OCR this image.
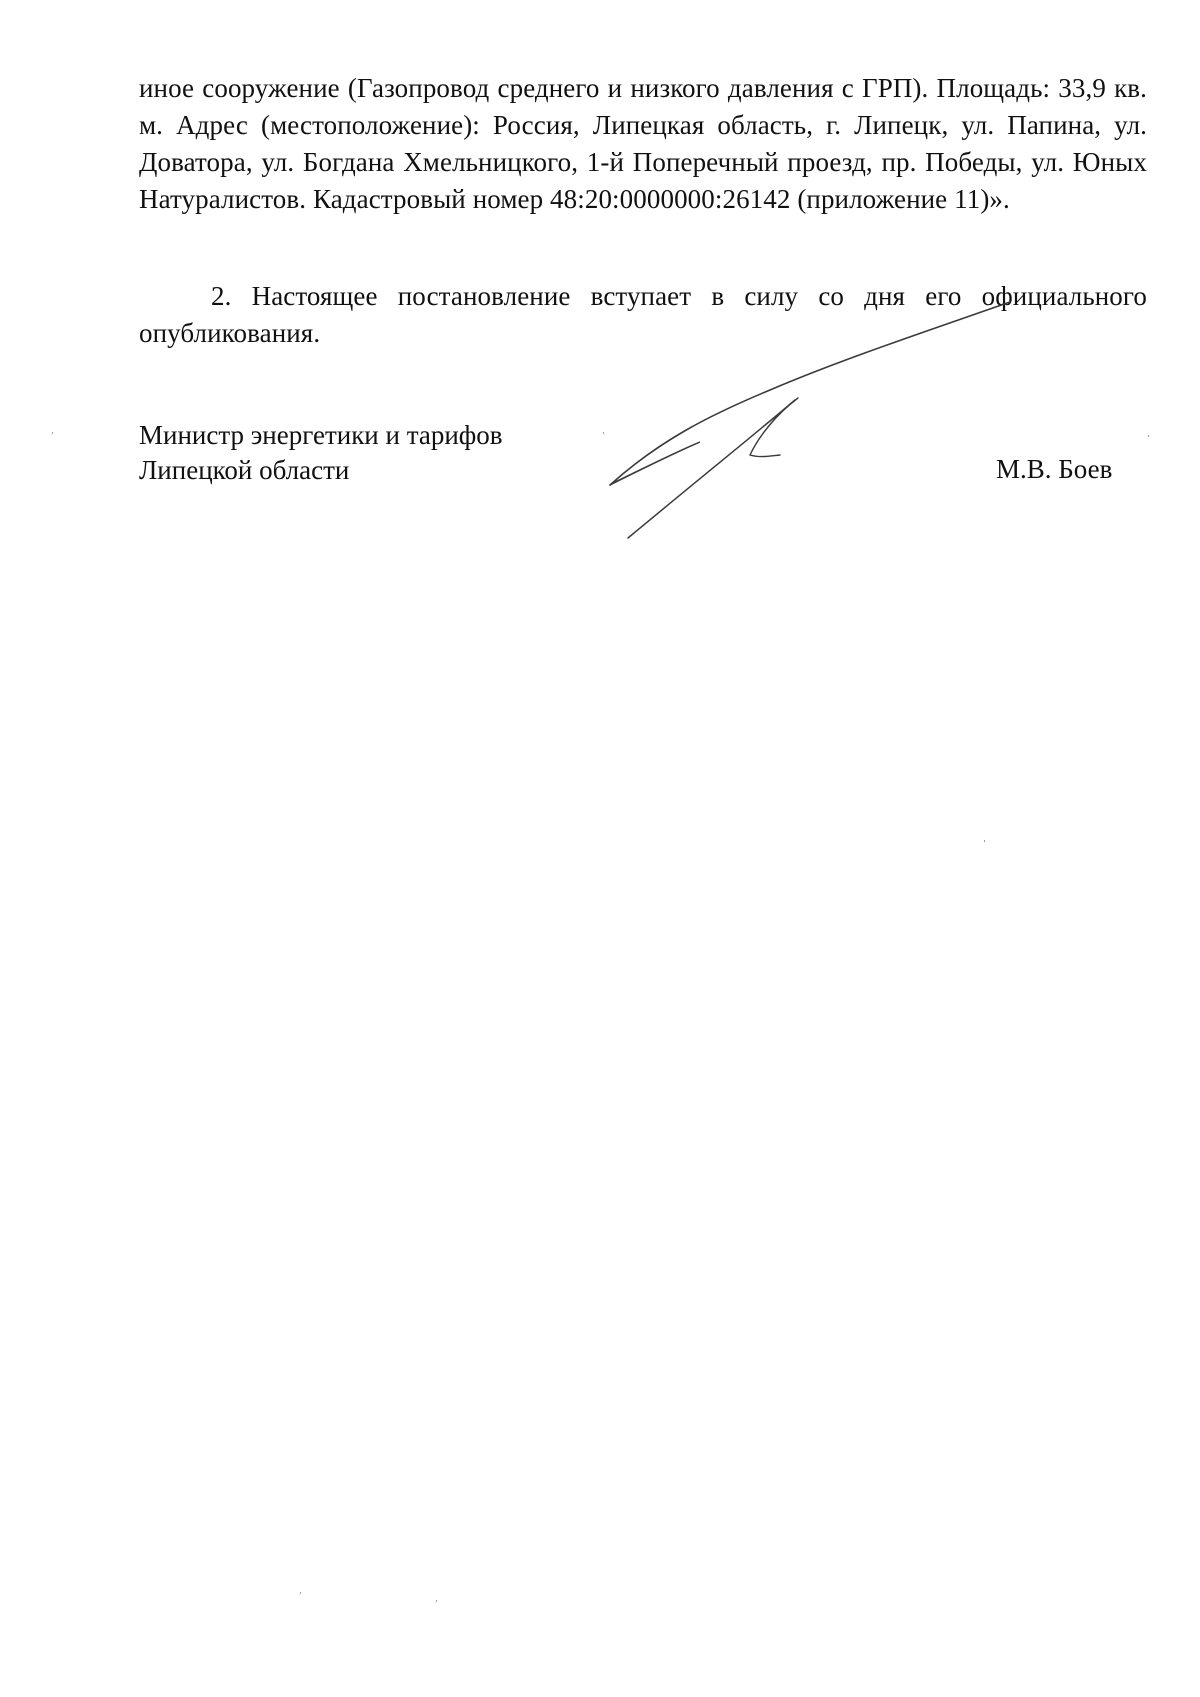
иное сооружение (Газопровод среднего и низкого давления с ГРП). Площадь: 33,9 кв. м. Адрес (местоположение): Россия, Липецкая область, г. Липецк, ул. Папина, ул. Доватора, ул. Богдана Хмельницкого, 1-й Поперечный проезд, пр. Победы, ул. Юных Натуралистов. Кадастровый номер 48:20:0000000:26142 (приложение 11)».

2. Настоящее постановление вступает в силу со дня его официального опубликования.

Министр энергетики и тарифов
Липецкой области	М.В. Боев
